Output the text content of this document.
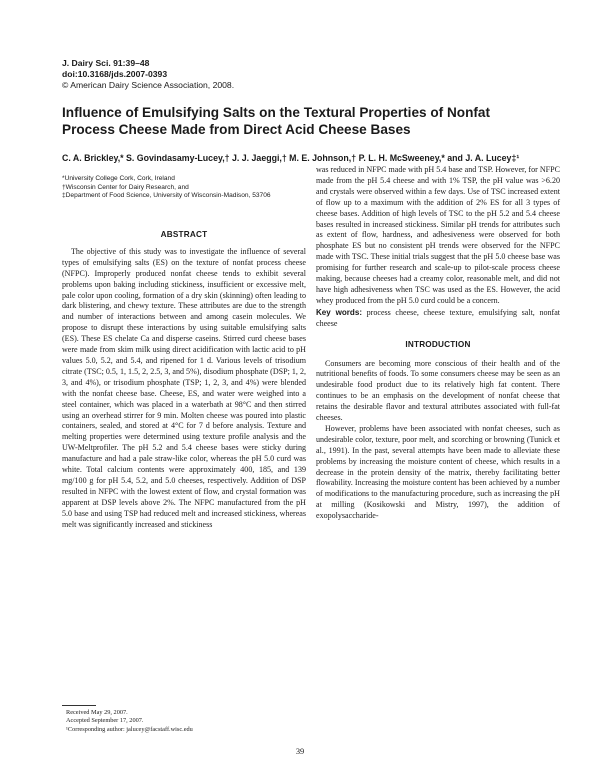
J. Dairy Sci. 91:39–48
doi:10.3168/jds.2007-0393
© American Dairy Science Association, 2008.
Influence of Emulsifying Salts on the Textural Properties of Nonfat Process Cheese Made from Direct Acid Cheese Bases
C. A. Brickley,* S. Govindasamy-Lucey,† J. J. Jaeggi,† M. E. Johnson,† P. L. H. McSweeney,* and J. A. Lucey‡¹
*University College Cork, Cork, Ireland
†Wisconsin Center for Dairy Research, and
‡Department of Food Science, University of Wisconsin-Madison, 53706
ABSTRACT

The objective of this study was to investigate the influence of several types of emulsifying salts (ES) on the texture of nonfat process cheese (NFPC). Improperly produced nonfat cheese tends to exhibit several problems upon baking including stickiness, insufficient or excessive melt, pale color upon cooling, formation of a dry skin (skinning) often leading to dark blistering, and chewy texture. These attributes are due to the strength and number of interactions between and among casein molecules. We propose to disrupt these interactions by using suitable emulsifying salts (ES). These ES chelate Ca and disperse caseins. Stirred curd cheese bases were made from skim milk using direct acidification with lactic acid to pH values 5.0, 5.2, and 5.4, and ripened for 1 d. Various levels of trisodium citrate (TSC; 0.5, 1, 1.5, 2, 2.5, 3, and 5%), disodium phosphate (DSP; 1, 2, 3, and 4%), or trisodium phosphate (TSP; 1, 2, 3, and 4%) were blended with the nonfat cheese base. Cheese, ES, and water were weighed into a steel container, which was placed in a waterbath at 98°C and then stirred using an overhead stirrer for 9 min. Molten cheese was poured into plastic containers, sealed, and stored at 4°C for 7 d before analysis. Texture and melting properties were determined using texture profile analysis and the UW-Meltprofiler. The pH 5.2 and 5.4 cheese bases were sticky during manufacture and had a pale straw-like color, whereas the pH 5.0 curd was white. Total calcium contents were approximately 400, 185, and 139 mg/100 g for pH 5.4, 5.2, and 5.0 cheeses, respectively. Addition of DSP resulted in NFPC with the lowest extent of flow, and crystal formation was apparent at DSP levels above 2%. The NFPC manufactured from the pH 5.0 base and using TSP had reduced melt and increased stickiness, whereas melt was significantly increased and stickiness

was reduced in NFPC made with pH 5.4 base and TSP. However, for NFPC made from the pH 5.4 cheese and with 1% TSP, the pH value was >6.20 and crystals were observed within a few days. Use of TSC increased extent of flow up to a maximum with the addition of 2% ES for all 3 types of cheese bases. Addition of high levels of TSC to the pH 5.2 and 5.4 cheese bases resulted in increased stickiness. Similar pH trends for attributes such as extent of flow, hardness, and adhesiveness were observed for both phosphate ES but no consistent pH trends were observed for the NFPC made with TSC. These initial trials suggest that the pH 5.0 cheese base was promising for further research and scale-up to pilot-scale process cheese making, because cheeses had a creamy color, reasonable melt, and did not have high adhesiveness when TSC was used as the ES. However, the acid whey produced from the pH 5.0 curd could be a concern.

Key words: process cheese, cheese texture, emulsifying salt, nonfat cheese

INTRODUCTION

Consumers are becoming more conscious of their health and of the nutritional benefits of foods. To some consumers cheese may be seen as an undesirable food product due to its relatively high fat content. There continues to be an emphasis on the development of nonfat cheese that retains the desirable flavor and textural attributes associated with full-fat cheeses.

However, problems have been associated with nonfat cheeses, such as undesirable color, texture, poor melt, and scorching or browning (Tunick et al., 1991). In the past, several attempts have been made to alleviate these problems by increasing the moisture content of cheese, which results in a decrease in the protein density of the matrix, thereby facilitating better flowability. Increasing the moisture content has been achieved by a number of modifications to the manufacturing procedure, such as increasing the pH at milling (Kosikowski and Mistry, 1997), the addition of exopolysaccharide-

Received May 29, 2007.
Accepted September 17, 2007.
¹Corresponding author: jalucey@facstaff.wisc.edu
39
